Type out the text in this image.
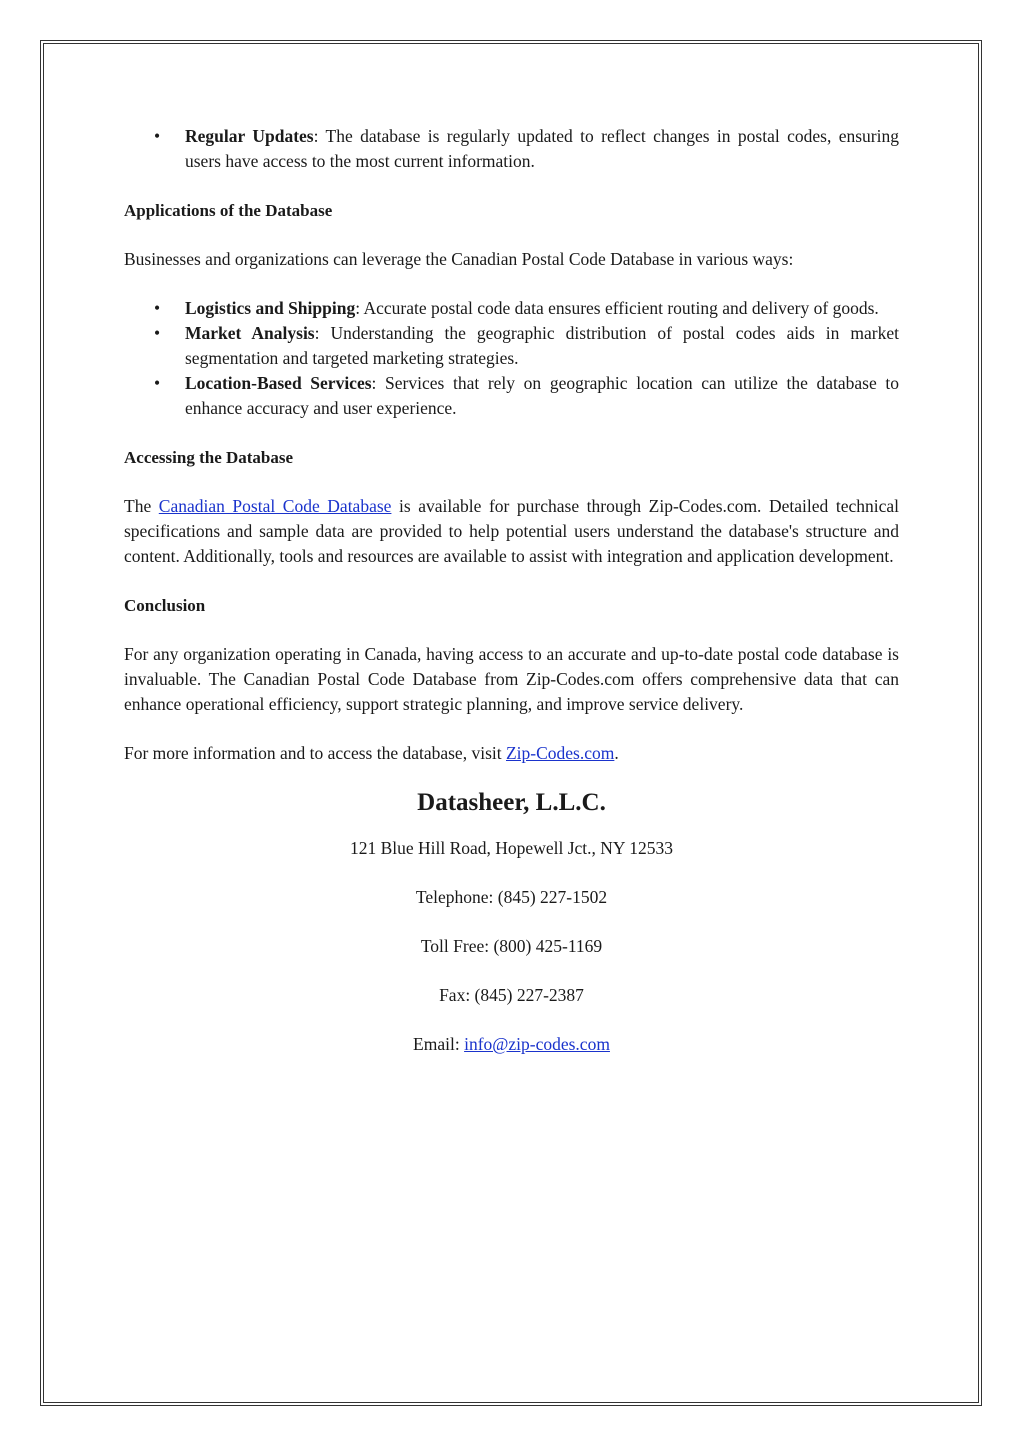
• Regular Updates: The database is regularly updated to reflect changes in postal codes, ensuring users have access to the most current information.
Applications of the Database

Businesses and organizations can leverage the Canadian Postal Code Database in various ways:

• Logistics and Shipping: Accurate postal code data ensures efficient routing and delivery of goods.
• Market Analysis: Understanding the geographic distribution of postal codes aids in market segmentation and targeted marketing strategies.
• Location-Based Services: Services that rely on geographic location can utilize the database to enhance accuracy and user experience.
Accessing the Database

The Canadian Postal Code Database is available for purchase through Zip-Codes.com. Detailed technical specifications and sample data are provided to help potential users understand the database's structure and content. Additionally, tools and resources are available to assist with integration and application development.

Conclusion

For any organization operating in Canada, having access to an accurate and up-to-date postal code database is invaluable. The Canadian Postal Code Database from Zip-Codes.com offers comprehensive data that can enhance operational efficiency, support strategic planning, and improve service delivery.

For more information and to access the database, visit Zip-Codes.com.

Datasheer, L.L.C.
121 Blue Hill Road, Hopewell Jct., NY 12533
Telephone: (845) 227-1502
Toll Free: (800) 425-1169
Fax: (845) 227-2387
Email: info@zip-codes.com
